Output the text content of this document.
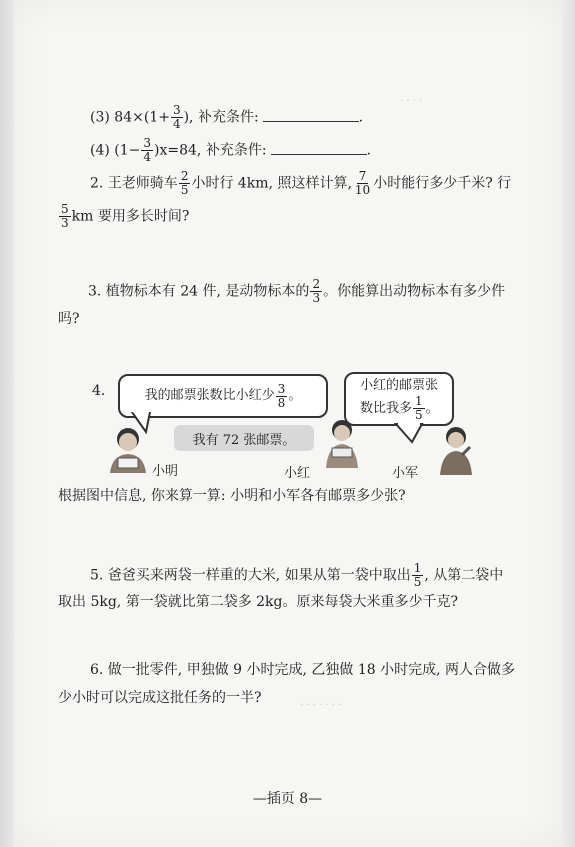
· · · ·
· · · · · · ·
(3) $84\times(1+ \frac{3}{4}$ ), 补充条件:	.
(4) $(1- \frac{3}{4} )x=84$, 补充条件:	.
2. 王老师骑车 $\frac{2}{5}$ 小时行 4km, 照这样计算, $\frac{7}{10}$ 小时能行多少千米? 行
$\frac{5}{3}$ km 要用多长时间?
3. 植物标本有 24 件, 是动物标本的 $\frac{2}{3}$ 。你能算出动物标本有多少件
吗?
4.	我的邮票张数比小红少 $\frac{3}{8}$ 。
小红的邮票张
数比我多 $\frac{1}{5}$ 。
我有 72 张邮票。
小明	小红	小军
根据图中信息, 你来算一算: 小明和小军各有邮票多少张?
5. 爸爸买来两袋一样重的大米, 如果从第一袋中取出 $\frac{1}{5}$ , 从第二袋中
取出 5kg, 第一袋就比第二袋多 2kg。原来每袋大米重多少千克?
6. 做一批零件, 甲独做 9 小时完成, 乙独做 18 小时完成, 两人合做多
少小时可以完成这批任务的一半?
—插页 8—
